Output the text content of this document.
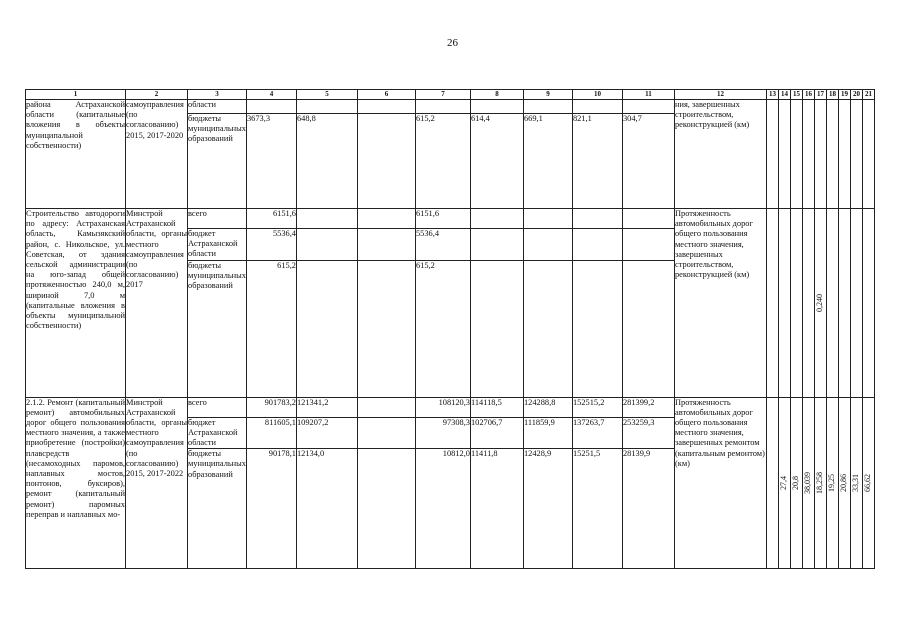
26
1	2	3	4	5	6	7	8	9	10	11	12	13	14	15	16	17	18	19	20	21
района Астраханской области (капитальные вложения в объекты муниципальной собственности)	самоуправления (по согласованию) 2015, 2017-2020	области									ния, завершенных строительством, реконструкцией (км)									
		бюджеты муниципальных образований	3673,3	648,8		615,2	614,4	669,1	821,1	304,7										
Строительство автодороги по адресу: Астраханская область, Камызякский район, с. Никольское, ул. Советская, от здания сельской администрации на юго-запад общей протяженностью 240,0 м, шириной 7,0 м (капитальные вложения в объекты муниципальной собственности)	Минстрой Астраханской области, органы местного самоуправления (по согласованию) 2017	всего	6151,6			6151,6					Протяженность автомобильных дорог общего пользования местного значения, завершенных строительством, реконструкцией (км)					0,240				

		бюджет Астраханской области	5536,4			5536,4														
		бюджеты муниципальных образований	615,2			615,2														
2.1.2. Ремонт (капитальный ремонт) автомобильных дорог общего пользования местного значения, а также приобретение (постройки) плавсредств (несамоходных паромов, наплавных мостов, понтонов, буксиров), ремонт (капитальный ремонт) паромных переправ и наплавных мо-	Минстрой Астраханской области, органы местного самоуправления (по согласованию) 2015, 2017-2022	всего	901783,2	121341,2		108120,3	114118,5	124288,8	152515,2	281399,2	Протяженность автомобильных дорог общего пользования местного значения, завершенных ремонтом (капитальным ремонтом) (км)		27,4	20,8	38,039	18,258	19,25	20,86	33,31	66,62

		бюджет Астраханской области	811605,1	109207,2		97308,3	102706,7	111859,9	137263,7	253259,3										
		бюджеты муниципальных образований	90178,1	12134,0		10812,0	11411,8	12428,9	15251,5	28139,9										
